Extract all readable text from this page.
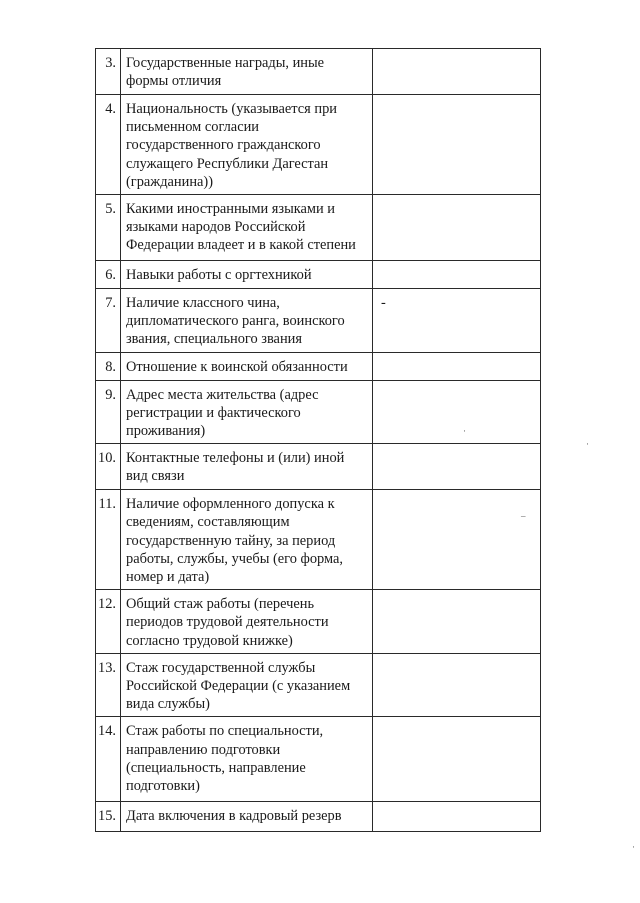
3.	Государственные награды, иные формы отличия	
4.	Национальность (указывается при письменном согласии государственного гражданского служащего Республики Дагестан (гражданина))	
5.	Какими иностранными языками и языками народов Российской Федерации владеет и в какой степени	
6.	Навыки работы с оргтехникой	
7.	Наличие классного чина, дипломатического ранга, воинского звания, специального звания	-
8.	Отношение к воинской обязанности	
9.	Адрес места жительства (адрес регистрации и фактического проживания)	
10.	Контактные телефоны и (или) иной вид связи	
11.	Наличие оформленного допуска к сведениям, составляющим государственную тайну, за период работы, службы, учебы (его форма, номер и дата)	
12.	Общий стаж работы (перечень периодов трудовой деятельности согласно трудовой книжке)	
13.	Стаж государственной службы Российской Федерации (с указанием вида службы)	
14.	Стаж работы по специальности, направлению подготовки (специальность, направление подготовки)	
15.	Дата включения в кадровый резерв	
·
–
·
·
